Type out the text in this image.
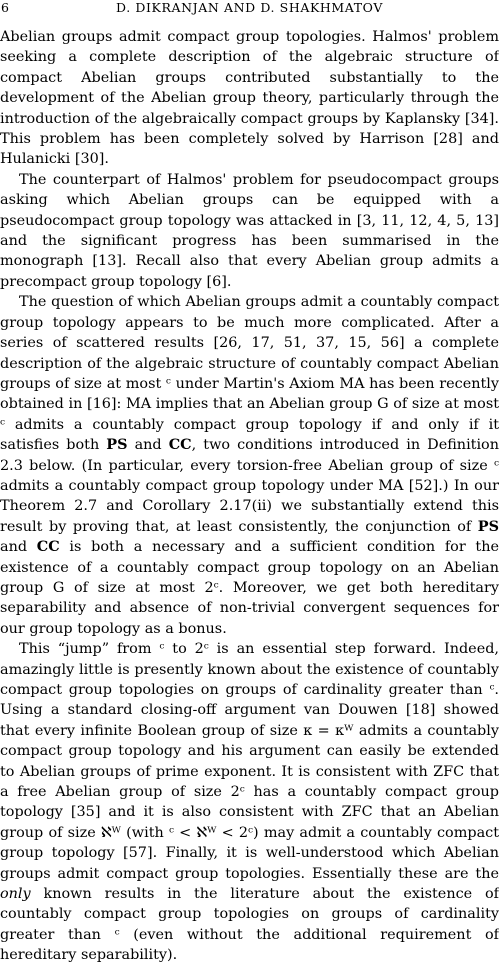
6	D. DIKRANJAN AND D. SHAKHMATOV

Abelian groups admit compact group topologies. Halmos' problem seeking a complete description of the algebraic structure of compact Abelian groups contributed substantially to the development of the Abelian group theory, particularly through the introduction of the algebraically compact groups by Kaplansky [34]. This problem has been completely solved by Harrison [28] and Hulanicki [30].

The counterpart of Halmos' problem for pseudocompact groups asking which Abelian groups can be equipped with a pseudocompact group topology was attacked in [3, 11, 12, 4, 5, 13] and the significant progress has been summarised in the monograph [13]. Recall also that every Abelian group admits a precompact group topology [6].

The question of which Abelian groups admit a countably compact group topology appears to be much more complicated. After a series of scattered results [26, 17, 51, 37, 15, 56] a complete description of the algebraic structure of countably compact Abelian groups of size at most ᶜ under Martin's Axiom MA has been recently obtained in [16]: MA implies that an Abelian group G of size at most ᶜ admits a countably compact group topology if and only if it satisfies both PS and CC, two conditions introduced in Definition 2.3 below. (In particular, every torsion-free Abelian group of size ᶜ admits a countably compact group topology under MA [52].) In our Theorem 2.7 and Corollary 2.17(ii) we substantially extend this result by proving that, at least consistently, the conjunction of PS and CC is both a necessary and a sufficient condition for the existence of a countably compact group topology on an Abelian group G of size at most 2ᶜ. Moreover, we get both hereditary separability and absence of non-trivial convergent sequences for our group topology as a bonus.

This “jump” from ᶜ to 2ᶜ is an essential step forward. Indeed, amazingly little is presently known about the existence of countably compact group topologies on groups of cardinality greater than ᶜ. Using a standard closing-off argument van Douwen [18] showed that every infinite Boolean group of size κ = κᵂ admits a countably compact group topology and his argument can easily be extended to Abelian groups of prime exponent. It is consistent with ZFC that a free Abelian group of size 2ᶜ has a countably compact group topology [35] and it is also consistent with ZFC that an Abelian group of size ℵᵂ (with ᶜ < ℵᵂ < 2ᶜ) may admit a countably compact group topology [57]. Finally, it is well-understood which Abelian groups admit compact group topologies. Essentially these are the only known results in the literature about the existence of countably compact group topologies on groups of cardinality greater than ᶜ (even without the additional requirement of hereditary separability).
